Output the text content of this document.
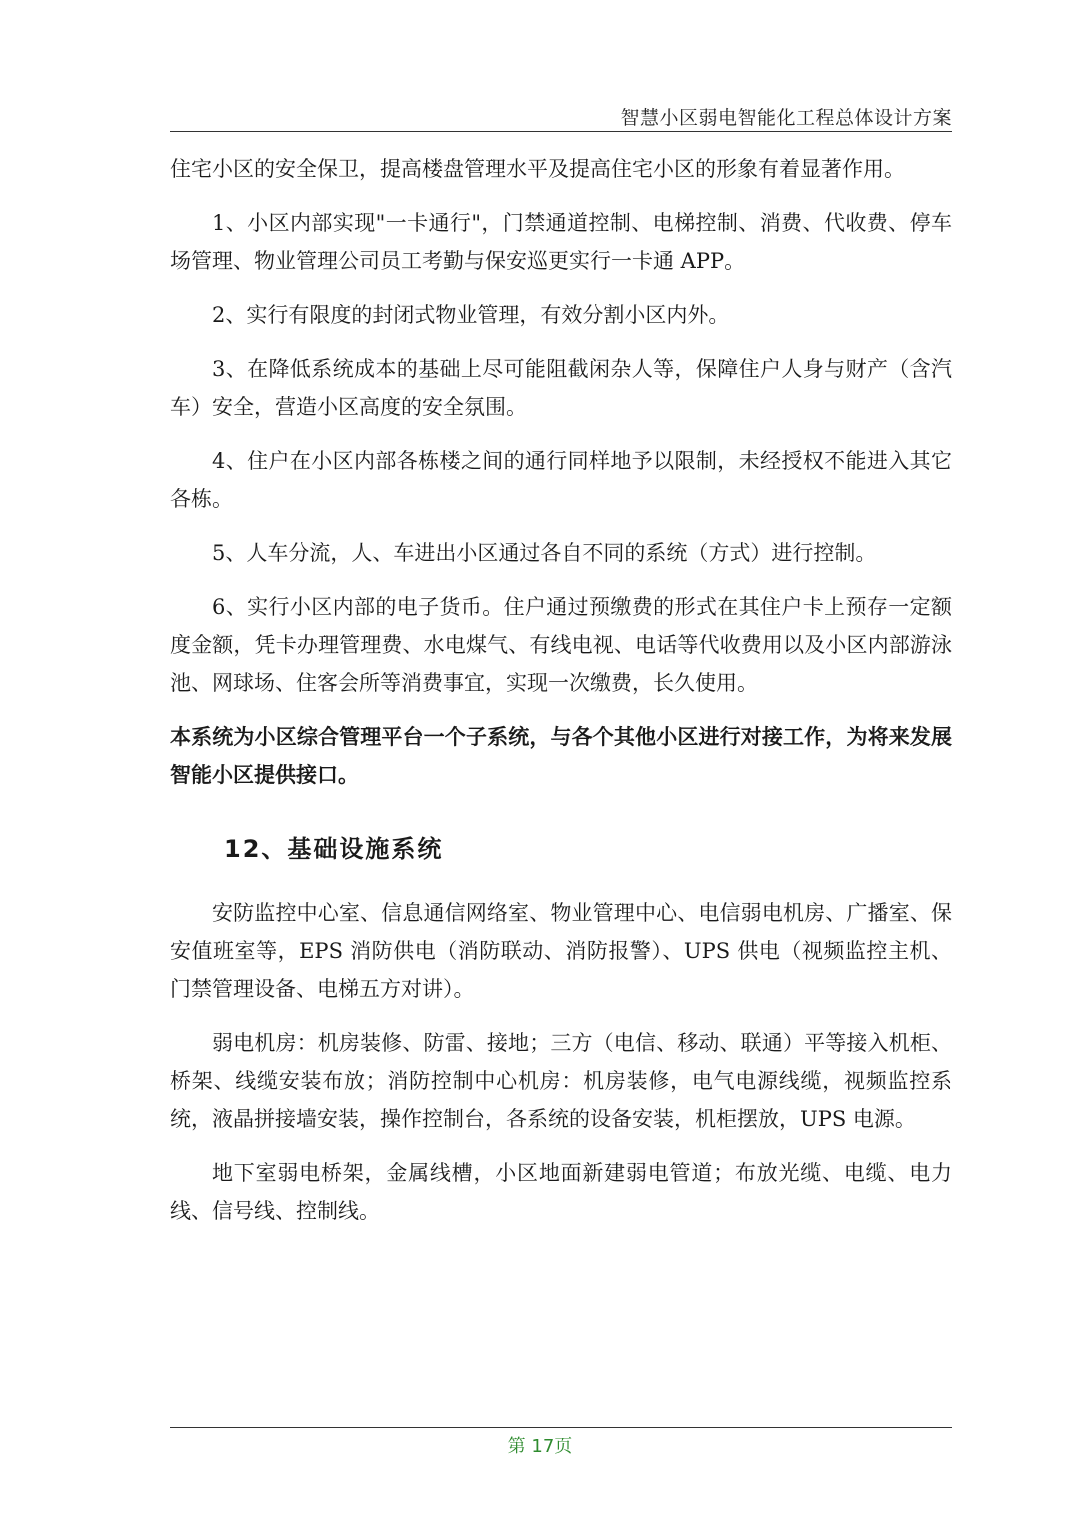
智慧小区弱电智能化工程总体设计方案

住宅小区的安全保卫，提高楼盘管理水平及提高住宅小区的形象有着显著作用。

1、小区内部实现"一卡通行"，门禁通道控制、电梯控制、消费、代收费、停车场管理、物业管理公司员工考勤与保安巡更实行一卡通 APP。

2、实行有限度的封闭式物业管理，有效分割小区内外。

3、在降低系统成本的基础上尽可能阻截闲杂人等，保障住户人身与财产（含汽车）安全，营造小区高度的安全氛围。

4、住户在小区内部各栋楼之间的通行同样地予以限制，未经授权不能进入其它各栋。

5、人车分流，人、车进出小区通过各自不同的系统（方式）进行控制。

6、实行小区内部的电子货币。住户通过预缴费的形式在其住户卡上预存一定额度金额，凭卡办理管理费、水电煤气、有线电视、电话等代收费用以及小区内部游泳池、网球场、住客会所等消费事宜，实现一次缴费，长久使用。

本系统为小区综合管理平台一个子系统，与各个其他小区进行对接工作，为将来发展智能小区提供接口。

12、基础设施系统

安防监控中心室、信息通信网络室、物业管理中心、电信弱电机房、广播室、保安值班室等，EPS 消防供电（消防联动、消防报警）、UPS 供电（视频监控主机、门禁管理设备、电梯五方对讲）。

弱电机房：机房装修、防雷、接地；三方（电信、移动、联通）平等接入机柜、桥架、线缆安装布放；消防控制中心机房：机房装修，电气电源线缆，视频监控系统，液晶拼接墙安装，操作控制台，各系统的设备安装，机柜摆放，UPS 电源。

地下室弱电桥架，金属线槽，小区地面新建弱电管道；布放光缆、电缆、电力线、信号线、控制线。

第 17页
